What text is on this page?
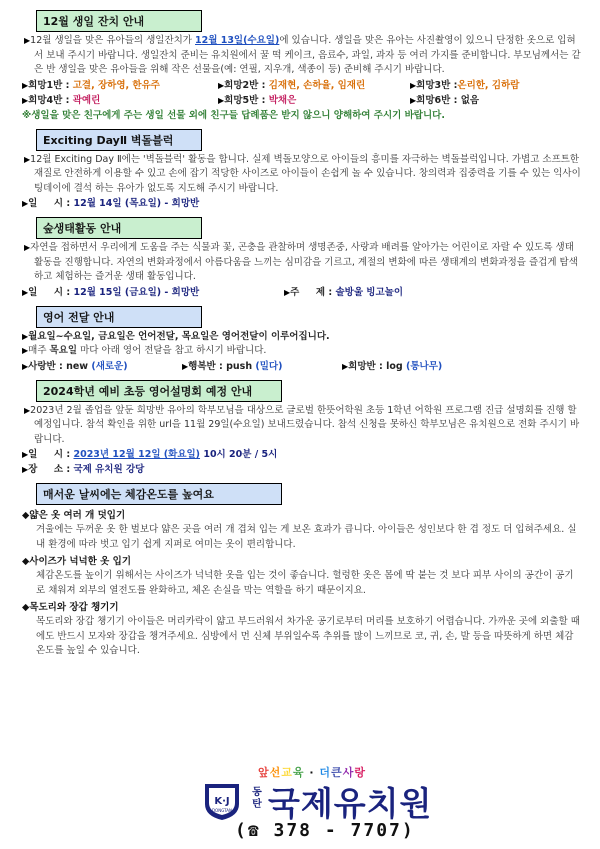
12월 생일 잔치 안내

▶12월 생일을 맞은 유아들의 생일잔치가 12월 13일(수요일)에 있습니다. 생일을 맞은 유아는 사진촬영이 있으니 단정한 옷으로 입혀서 보내 주시기 바랍니다. 생일잔치 준비는 유치원에서 꿀 떡 케이크, 음료수, 과일, 과자 등 여러 가지를 준비합니다. 부모님께서는 같은 반 생일을 맞은 유아들을 위해 작은 선물을(예: 연필, 지우개, 색종이 등) 준비해 주시기 바랍니다.

▶희망1반 : 고결, 장하영, 한유주	▶희망2반 : 김재현, 손하율, 임재린	▶희망3반 :온리한, 김하람
▶희망4반 : 곽예린	▶희망5반 : 박채은	▶희망6반 : 없음
※생일을 맞은 친구에게 주는 생일 선물 외에 친구들 답례품은 받지 않으니 양해하여 주시기 바랍니다.
Exciting DayⅡ 벽돌블럭

▶12월 Exciting Day Ⅱ에는 '벽돌블럭' 활동을 합니다. 실제 벽돌모양으로 아이들의 흥미를 자극하는 벽돌블럭입니다. 가볍고 소프트한 재질로 안전하게 이용할 수 있고 손에 잡기 적당한 사이즈로 아이들이 손쉽게 놀 수 있습니다. 창의력과 집중력을 기를 수 있는 익사이팅데이에 결석 하는 유아가 없도록 지도해 주시기 바랍니다.

▶ 일     시 : 12월 14일 (목요일) - 희망반
숲생태활동 안내

▶자연을 접하면서 우리에게 도움을 주는 식물과 꽃, 곤충을 관찰하며 생명존중, 사랑과 배려를 알아가는 어린이로 자랄 수 있도록 생태활동을 진행합니다. 자연의 변화과정에서 아름다움을 느끼는 심미감을 기르고, 계절의 변화에 따른 생태계의 변화과정을 즐겁게 탐색하고 체험하는 즐거운 생태 활동입니다.

▶일     시 : 12월 15일 (금요일) - 희망반	▶주     제 : 솔방울 빙고놀이
영어 전달 안내
▶월요일~수요일, 금요일은 언어전달, 목요일은 영어전달이 이루어집니다.
▶매주 목요일 마다 아래 영어 전달을 참고 하시기 바랍니다.
▶사랑반 : new (새로운)	▶행복반 : push (밀다)	▶희망반 : log (통나무)
2024학년 예비 초등 영어설명회 예정 안내

▶2023년 2월 졸업을 앞둔 희망반 유아의 학부모님을 대상으로 글로벌 한뜻어학원 초등 1학년 어학원 프로그램 진급 설명회를 진행 할 예정입니다. 참석 확인을 위한 url을 11월 29일(수요일) 보내드렸습니다. 참석 신청을 못하신 학부모님은 유치원으로 전화 주시기 바랍니다.

▶ 일     시 : 2023년 12월 12일 (화요일) 10시 20분 / 5시
▶ 장     소 : 국제 유치원 강당
매서운 날씨에는 체감온도를 높여요
◆얇은 옷 여러 개 덧입기

겨울에는 두꺼운 옷 한 벌보다 얇은 곳을 여러 개 겹쳐 입는 게 보온 효과가 큽니다. 아이들은 성인보다 한 겹 정도 더 입혀주세요. 실내 환경에 따라 벗고 입기 쉽게 지퍼로 여미는 옷이 편리합니다.

◆사이즈가 넉넉한 옷 입기

체감온도를 높이기 위해서는 사이즈가 넉넉한 옷을 입는 것이 좋습니다. 헐렁한 옷은 몸에 딱 붙는 것 보다 피부 사이의 공간이 공기로 채워져 외부의 열전도를 완화하고, 체온 손실을 막는 역할을 하기 때문이지요.

◆목도리와 장갑 챙기기

목도리와 장갑 챙기기 아이들은 머리카락이 얇고 부드러워서 차가운 공기로부터 머리를 보호하기 어렵습니다. 가까운 곳에 외출할 때에도 반드시 모자와 장갑을 챙겨주세요. 심방에서 먼 신체 부위일수록 추위를 많이 느끼므로 코, 귀, 손, 발 등을 따뜻하게 하면 체감온도를 높일 수 있습니다.

앞선교육 · 더큰사랑
K·J
DONGTAN
동탄 국제유치원
(☎ 378 - 7707)
